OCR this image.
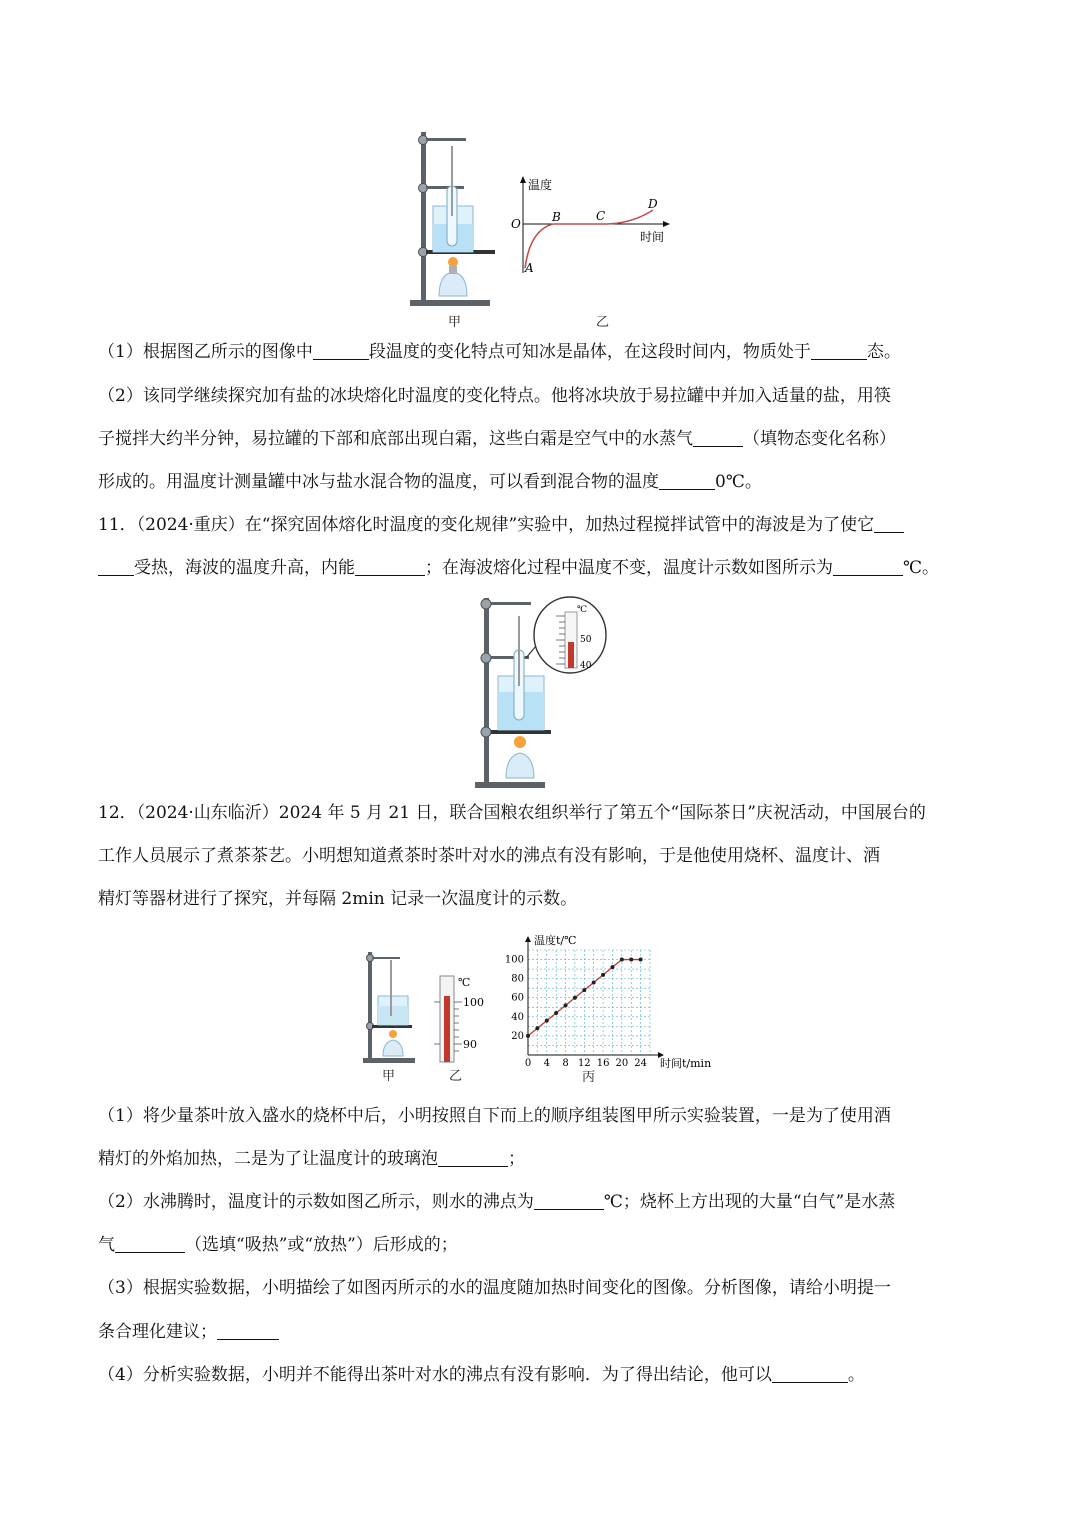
温度
时间
O
A
B	C
D
甲	乙
（1）根据图乙所示的图像中	段温度的变化特点可知冰是晶体，在这段时间内，物质处于	态。
（2）该同学继续探究加有盐的冰块熔化时温度的变化特点。他将冰块放于易拉罐中并加入适量的盐，用筷
子搅拌大约半分钟，易拉罐的下部和底部出现白霜，这些白霜是空气中的水蒸气	（填物态变化名称）
形成的。用温度计测量罐中冰与盐水混合物的温度，可以看到混合物的温度	0℃。
11．（2024·重庆）在“探究固体熔化时温度的变化规律”实验中，加热过程搅拌试管中的海波是为了使它
受热，海波的温度升高，内能	；在海波熔化过程中温度不变，温度计示数如图所示为	℃。
℃
50
40
12．（2024·山东临沂）2024 年 5 月 21 日，联合国粮农组织举行了第五个“国际茶日”庆祝活动，中国展台的
工作人员展示了煮茶茶艺。小明想知道煮茶时茶叶对水的沸点有没有影响，于是他使用烧杯、温度计、酒
精灯等器材进行了探究，并每隔 2min 记录一次温度计的示数。
℃
100
90
0 4 8 12 16 20 24
20
40
60
80
100
温度t/℃
时间t/min
甲	乙	丙
（1）将少量茶叶放入盛水的烧杯中后，小明按照自下而上的顺序组装图甲所示实验装置，一是为了使用酒
精灯的外焰加热，二是为了让温度计的玻璃泡	；
（2）水沸腾时，温度计的示数如图乙所示，则水的沸点为	℃；烧杯上方出现的大量“白气”是水蒸
气	（选填“吸热”或“放热”）后形成的；
（3）根据实验数据，小明描绘了如图丙所示的水的温度随加热时间变化的图像。分析图像，请给小明提一
条合理化建议；
（4）分析实验数据，小明并不能得出茶叶对水的沸点有没有影响．为了得出结论，他可以	。
